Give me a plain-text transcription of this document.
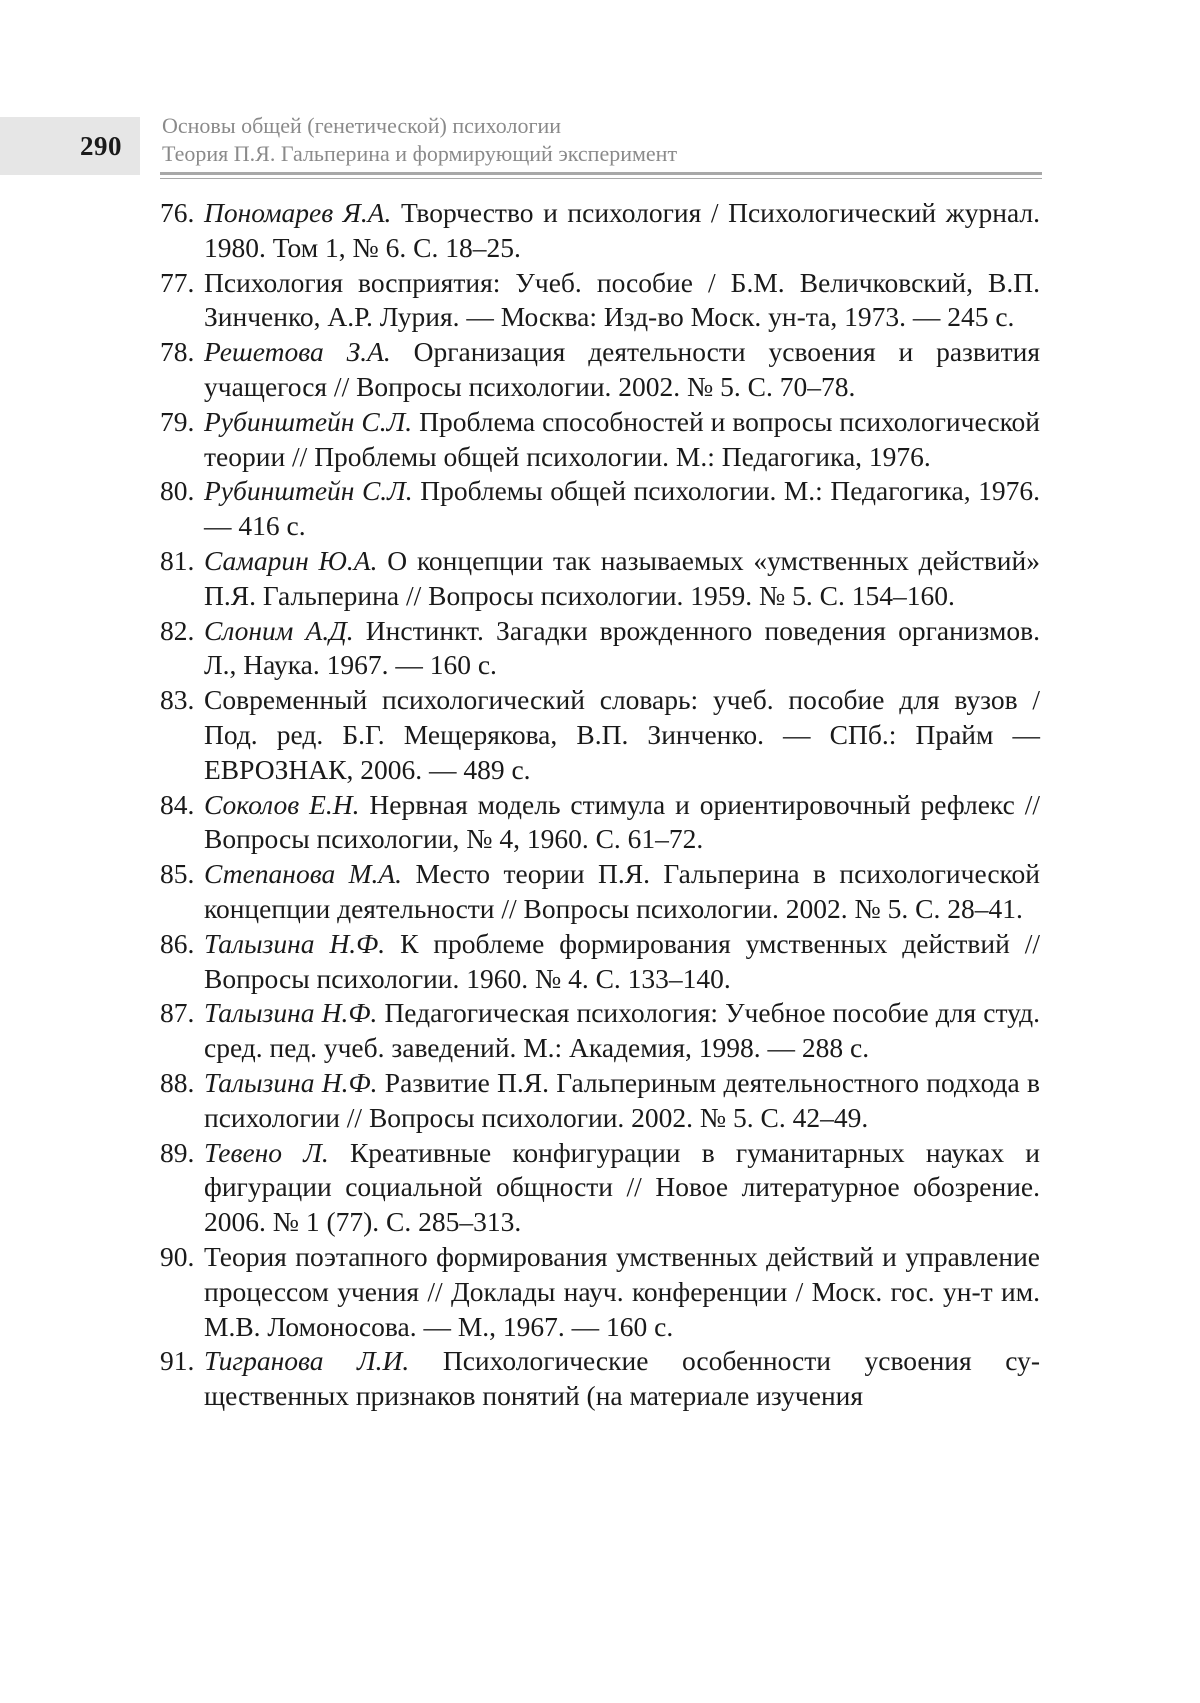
290
Основы общей (генетической) психологии
Теория П.Я. Гальперина и формирующий эксперимент
76. Пономарев Я.А. Творчество и психология / Психологический журнал. 1980. Том 1, № 6. С. 18–25.
77. Психология восприятия: Учеб. пособие / Б.М. Величковский, В.П. Зинченко, А.Р. Лурия. — Москва: Изд-во Моск. ун-та, 1973. — 245 с.
78. Решетова З.А. Организация деятельности усвоения и развития учащегося // Вопросы психологии. 2002. № 5. С. 70–78.
79. Рубинштейн С.Л. Проблема способностей и вопросы психологической теории // Проблемы общей психологии. М.: Педагогика, 1976.
80. Рубинштейн С.Л. Проблемы общей психологии. М.: Педагогика, 1976. — 416 с.
81. Самарин Ю.А. О концепции так называемых «умственных действий» П.Я. Гальперина // Вопросы психологии. 1959. № 5. С. 154–160.
82. Слоним А.Д. Инстинкт. Загадки врожденного поведения организмов. Л., Наука. 1967. — 160 с.
83. Современный психологический словарь: учеб. пособие для вузов / Под. ред. Б.Г. Мещерякова, В.П. Зинченко. — СПб.: Прайм — ЕВРОЗНАК, 2006. — 489 с.
84. Соколов Е.Н. Нервная модель стимула и ориентировочный рефлекс // Вопросы психологии, № 4, 1960. С. 61–72.
85. Степанова М.А. Место теории П.Я. Гальперина в психологической концепции деятельности // Вопросы психологии. 2002. № 5. С. 28–41.
86. Талызина Н.Ф. К проблеме формирования умственных действий // Вопросы психологии. 1960. № 4. С. 133–140.
87. Талызина Н.Ф. Педагогическая психология: Учебное пособие для студ. сред. пед. учеб. заведений. М.: Академия, 1998. — 288 с.
88. Талызина Н.Ф. Развитие П.Я. Гальпериным деятельностного подхода в психологии // Вопросы психологии. 2002. № 5. С. 42–49.
89. Тевено Л. Креативные конфигурации в гуманитарных науках и фигурации социальной общности // Новое литературное обозрение. 2006. № 1 (77). С. 285–313.
90. Теория поэтапного формирования умственных действий и управление процессом учения // Доклады науч. конференции / Моск. гос. ун-т им. М.В. Ломоносова. — М., 1967. — 160 с.
91. Тигранова Л.И. Психологические особенности усвоения существенных признаков понятий (на материале изучения
